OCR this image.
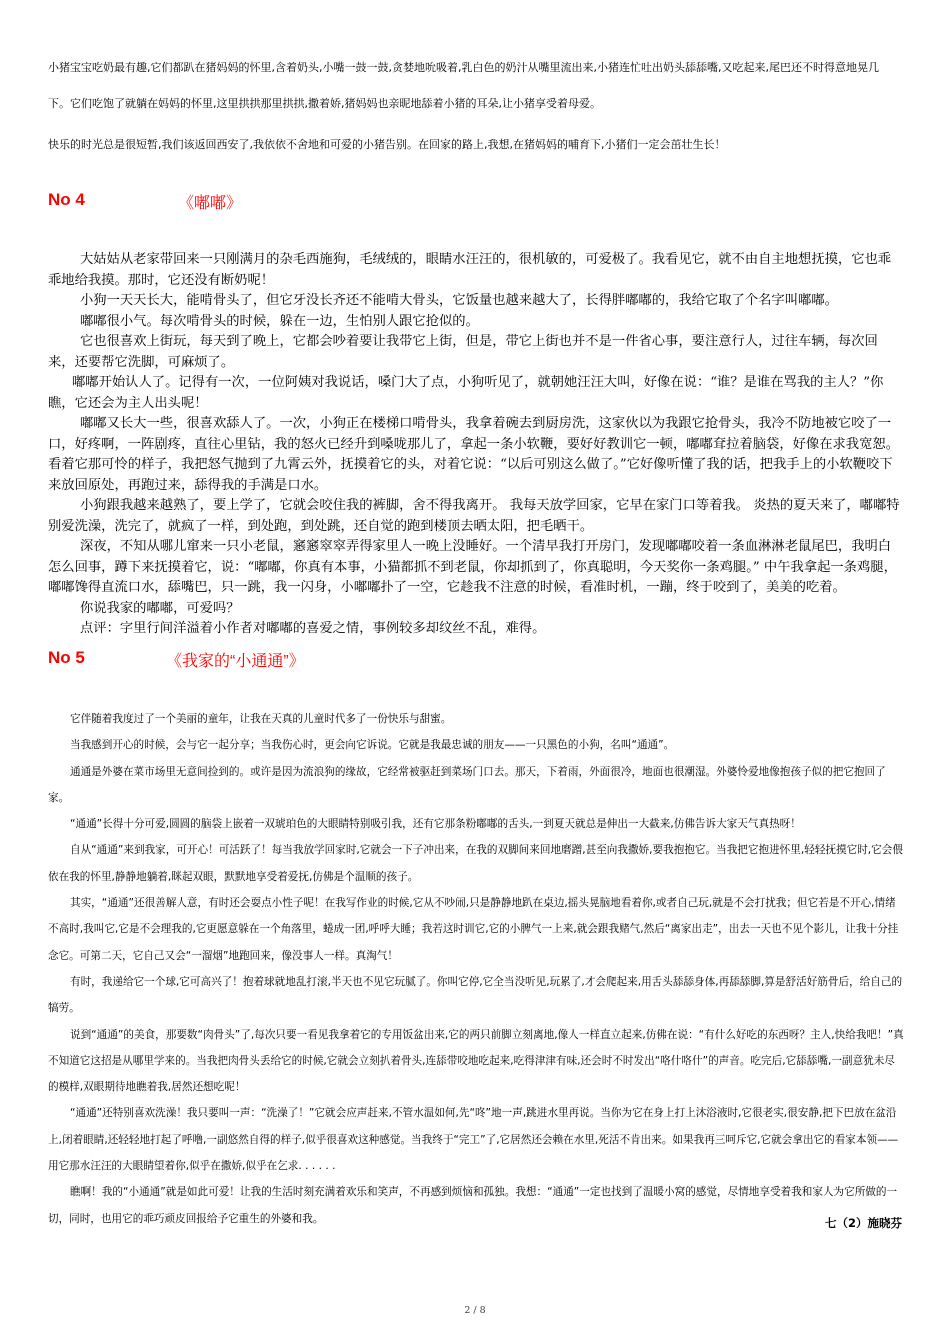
小猪宝宝吃奶最有趣,它们都趴在猪妈妈的怀里,含着奶头,小嘴一鼓一鼓,贪婪地吮吸着,乳白色的奶汁从嘴里流出来,小猪连忙吐出奶头舔舔嘴,又吃起来,尾巴还不时得意地晃几下。它们吃饱了就躺在妈妈的怀里,这里拱拱那里拱拱,撒着娇,猪妈妈也亲昵地舔着小猪的耳朵,让小猪享受着母爱。

快乐的时光总是很短暂,我们该返回西安了,我依依不舍地和可爱的小猪告别。在回家的路上,我想,在猪妈妈的哺育下,小猪们一定会茁壮生长！

No 4	《嘟嘟》

大姑姑从老家带回来一只刚满月的杂毛西施狗，毛绒绒的，眼睛水汪汪的，很机敏的，可爱极了。我看见它，就不由自主地想抚摸，它也乖乖地给我摸。那时，它还没有断奶呢！

小狗一天天长大，能啃骨头了，但它牙没长齐还不能啃大骨头，它饭量也越来越大了，长得胖嘟嘟的，我给它取了个名字叫嘟嘟。

嘟嘟很小气。每次啃骨头的时候，躲在一边，生怕别人跟它抢似的。

它也很喜欢上街玩，每天到了晚上，它都会吵着要让我带它上街，但是，带它上街也并不是一件省心事，要注意行人，过往车辆，每次回来，还要帮它洗脚，可麻烦了。

嘟嘟开始认人了。记得有一次，一位阿姨对我说话，嗓门大了点，小狗听见了，就朝她汪汪大叫，好像在说：“谁？是谁在骂我的主人？”你瞧，它还会为主人出头呢！

嘟嘟又长大一些，很喜欢舔人了。一次，小狗正在楼梯口啃骨头，我拿着碗去到厨房洗，这家伙以为我跟它抢骨头，我冷不防地被它咬了一口，好疼啊，一阵剧疼，直往心里钻，我的怒火已经升到嗓咙那儿了，拿起一条小软鞭，要好好教训它一顿，嘟嘟耷拉着脑袋，好像在求我宽恕。看着它那可怜的样子，我把怒气抛到了九霄云外，抚摸着它的头，对着它说：“以后可别这么做了。”它好像听懂了我的话，把我手上的小软鞭咬下来放回原处，再跑过来，舔得我的手满是口水。

小狗跟我越来越熟了，要上学了，它就会咬住我的裤脚，舍不得我离开。 我每天放学回家，它早在家门口等着我。 炎热的夏天来了，嘟嘟特别爱洗澡，洗完了，就疯了一样，到处跑，到处跳，还自觉的跑到楼顶去晒太阳，把毛晒干。

深夜，不知从哪儿窜来一只小老鼠，窸窸窣窣弄得家里人一晚上没睡好。一个清早我打开房门，发现嘟嘟咬着一条血淋淋老鼠尾巴，我明白怎么回事，蹲下来抚摸着它，说：“嘟嘟，你真有本事，小猫都抓不到老鼠，你却抓到了，你真聪明，今天奖你一条鸡腿。” 中午我拿起一条鸡腿，嘟嘟馋得直流口水，舔嘴巴，只一跳，我一闪身，小嘟嘟扑了一空，它趁我不注意的时候，看准时机，一蹦，终于咬到了，美美的吃着。

你说我家的嘟嘟，可爱吗？

点评：字里行间洋溢着小作者对嘟嘟的喜爱之情，事例较多却纹丝不乱，难得。

No 5	《我家的“小通通”》

它伴随着我度过了一个美丽的童年，让我在天真的儿童时代多了一份快乐与甜蜜。

当我感到开心的时候，会与它一起分享；当我伤心时，更会向它诉说。它就是我最忠诚的朋友——一只黑色的小狗，名叫“通通”。

通通是外婆在菜市场里无意间捡到的。或许是因为流浪狗的缘故，它经常被驱赶到菜场门口去。那天，下着雨，外面很冷，地面也很潮湿。外婆怜爱地像抱孩子似的把它抱回了家。

“通通”长得十分可爱,圆圆的脑袋上嵌着一双琥珀色的大眼睛特别吸引我，还有它那条粉嘟嘟的舌头,一到夏天就总是伸出一大截来,仿佛告诉大家天气真热呀！

自从“通通”来到我家，可开心！可活跃了！每当我放学回家时,它就会一下子冲出来，在我的双脚间来回地磨蹭,甚至向我撒娇,要我抱抱它。当我把它抱进怀里,轻轻抚摸它时,它会偎依在我的怀里,静静地躺着,眯起双眼，默默地享受着爱抚,仿佛是个温顺的孩子。

其实，“通通”还很善解人意，有时还会耍点小性子呢！在我写作业的时候,它从不吵闹,只是静静地趴在桌边,摇头晃脑地看着你,或者自己玩,就是不会打扰我；但它若是不开心,情绪不高时,我叫它,它是不会理我的,它更愿意躲在一个角落里，蜷成一团,呼呼大睡；我若这时训它,它的小脾气一上来,就会跟我赌气,然后“离家出走”，出去一天也不见个影儿，让我十分挂念它。可第二天，它自己又会“一溜烟”地跑回来，像没事人一样。真淘气！

有时，我递给它一个球,它可高兴了！抱着球就地乱打滚,半天也不见它玩腻了。你叫它停,它全当没听见,玩累了,才会爬起来,用舌头舔舔身体,再舔舔脚,算是舒活好筋骨后，给自己的犒劳。

说到“通通”的美食，那要数“肉骨头”了,每次只要一看见我拿着它的专用饭盆出来,它的两只前脚立刻离地,像人一样直立起来,仿佛在说：“有什么好吃的东西呀？主人,快给我吧！”真不知道它这招是从哪里学来的。当我把肉骨头丢给它的时候,它就会立刻扒着骨头,连舔带咬地吃起来,吃得津津有味,还会时不时发出“咯什咯什”的声音。吃完后,它舔舔嘴,一副意犹未尽的模样,双眼期待地瞧着我,居然还想吃呢！

“通通”还特别喜欢洗澡！我只要叫一声：“洗澡了！”它就会应声赶来,不管水温如何,先“咚”地一声,跳进水里再说。当你为它在身上打上沐浴液时,它很老实,很安静,把下巴放在盆沿上,闭着眼睛,还轻轻地打起了呼噜,一副悠然自得的样子,似乎很喜欢这种感觉。当我终于“完工”了,它居然还会赖在水里,死活不肯出来。如果我再三呵斥它,它就会拿出它的看家本领——用它那水汪汪的大眼睛望着你,似乎在撒娇,似乎在乞求. . . . . .

瞧啊！我的“小通通”就是如此可爱！让我的生活时刻充满着欢乐和笑声，不再感到烦恼和孤独。我想：“通通”一定也找到了温暖小窝的感觉，尽情地享受着我和家人为它所做的一切，同时，也用它的乖巧顽皮回报给予它重生的外婆和我。	七（2）施晓芬
2 / 8
